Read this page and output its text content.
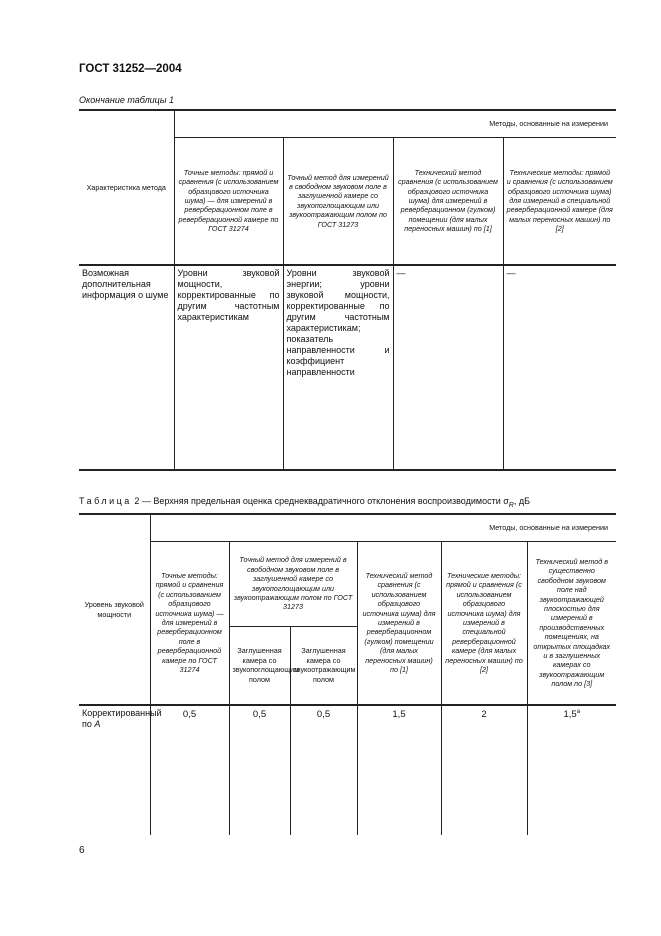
ГОСТ 31252—2004
Окончание таблицы 1
Характеристика метода	Методы, основанные на измерении			
	Точные методы: прямой и сравнения (с использованием образцового источника шума) — для измерений в реверберационном поле в реверберационной камере по ГОСТ 31274	Точный метод для измерений в свободном звуковом поле в заглушенной камере со звукопоглощающим или звукоотражающим полом по ГОСТ 31273	Технический метод сравнения (с использованием образцового источника шума) для измерений в реверберационном (гулком) помещении (для малых переносных машин) по [1]	Технические методы: прямой и сравнения (с использованием образцового источника шума) для измерений в специальной реверберационной камере (для малых переносных машин) по [2]
Возможная дополнительная информация о шуме	Уровни звуковой мощности, корректированные по другим частотным характеристикам	Уровни звуковой энергии; уровни звуковой мощности, корректированные по другим частотным характеристикам; показатель направленности и коэффициент направленности	—	—
Таблица 2 — Верхняя предельная оценка среднеквадратичного отклонения воспроизводимости $\sigma_R$, дБ
Уровень звуковой мощности	Методы, основанные на измерении					
	Точные методы: прямой и сравнения (с использованием образцового источника шума) — для измерений в реверберационном поле в реверберационной камере по ГОСТ 31274	Точный метод для измерений в свободном звуковом поле в заглушенной камере со звукопоглощающим или звукоотражающим полом по ГОСТ 31273		Технический метод сравнения (с использованием образцового источника шума) для измерений в реверберационном (гулком) помещении (для малых переносных машин) по [1]	Технические методы: прямой и сравнения (с использованием образцового источника шума) для измерений в специальной реверберационной камере (для малых переносных машин) по [2]	Технический метод в существенно свободном звуковом поле над звукоотражающей плоскостью для измерений в производственных помещениях, на открытых площадках и в заглушенных камерах со звукоотражающим полом по [3]
		Заглушенная камера со звукопоглощающим полом	Заглушенная камера со звукоотражающим полом			
Корректированный по A	0,5	0,5	0,5	1,5	2	1,5$^a$
6
